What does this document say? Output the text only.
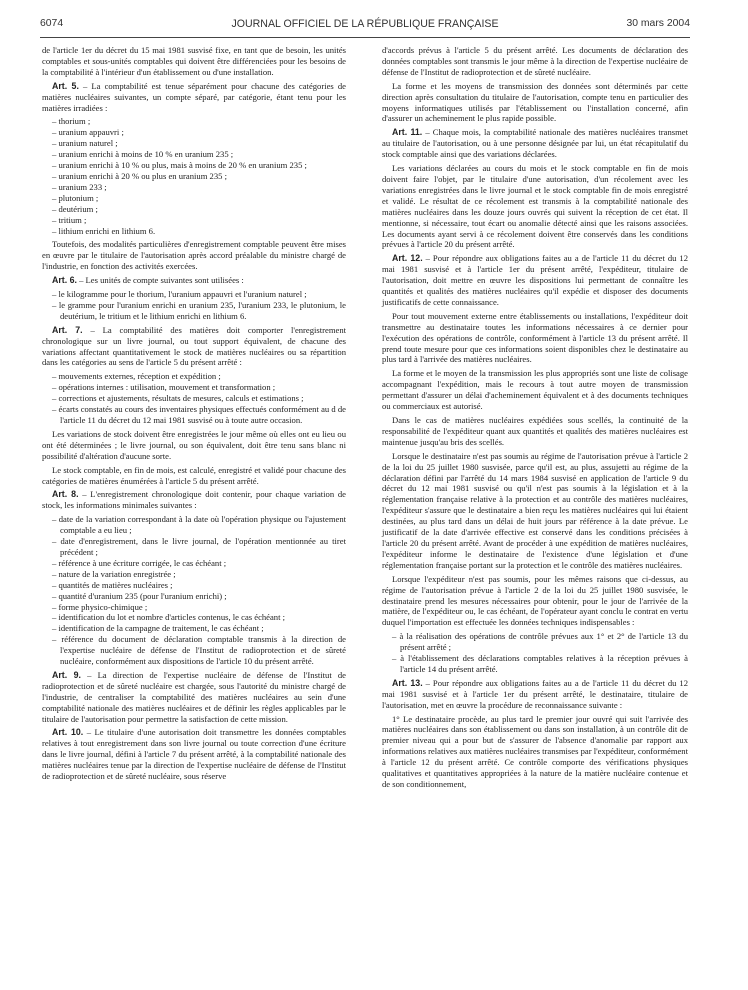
6074	JOURNAL OFFICIEL DE LA RÉPUBLIQUE FRANÇAISE	30 mars 2004

de l'article 1er du décret du 15 mai 1981 susvisé fixe, en tant que de besoin, les unités comptables et sous-unités comptables qui doivent être différenciées pour les besoins de la comptabilité à l'intérieur d'un établissement ou d'une installation.

Art. 5. – La comptabilité est tenue séparément pour chacune des catégories de matières nucléaires suivantes, un compte séparé, par catégorie, étant tenu pour les matières irradiées :

– thorium ;
– uranium appauvri ;
– uranium naturel ;
– uranium enrichi à moins de 10 % en uranium 235 ;
– uranium enrichi à 10 % ou plus, mais à moins de 20 % en uranium 235 ;
– uranium enrichi à 20 % ou plus en uranium 235 ;
– uranium 233 ;
– plutonium ;
– deutérium ;
– tritium ;
– lithium enrichi en lithium 6.

Toutefois, des modalités particulières d'enregistrement comptable peuvent être mises en œuvre par le titulaire de l'autorisation après accord préalable du ministre chargé de l'industrie, en fonction des activités exercées.

Art. 6. – Les unités de compte suivantes sont utilisées :

– le kilogramme pour le thorium, l'uranium appauvri et l'uranium naturel ;
– le gramme pour l'uranium enrichi en uranium 235, l'uranium 233, le plutonium, le deutérium, le tritium et le lithium enrichi en lithium 6.

Art. 7. – La comptabilité des matières doit comporter l'enregistrement chronologique sur un livre journal, ou tout support équivalent, de chacune des variations affectant quantitativement le stock de matières nucléaires ou sa répartition dans les catégories au sens de l'article 5 du présent arrêté :

– mouvements externes, réception et expédition ;
– opérations internes : utilisation, mouvement et transformation ;
– corrections et ajustements, résultats de mesures, calculs et estimations ;
– écarts constatés au cours des inventaires physiques effectués conformément au d de l'article 11 du décret du 12 mai 1981 susvisé ou à toute autre occasion.

Les variations de stock doivent être enregistrées le jour même où elles ont eu lieu ou ont été déterminées ; le livre journal, ou son équivalent, doit être tenu sans blanc ni possibilité d'altération d'aucune sorte.

Le stock comptable, en fin de mois, est calculé, enregistré et validé pour chacune des catégories de matières énumérées à l'article 5 du présent arrêté.

Art. 8. – L'enregistrement chronologique doit contenir, pour chaque variation de stock, les informations minimales suivantes :

– date de la variation correspondant à la date où l'opération physique ou l'ajustement comptable a eu lieu ;
– date d'enregistrement, dans le livre journal, de l'opération mentionnée au tiret précédent ;
– référence à une écriture corrigée, le cas échéant ;
– nature de la variation enregistrée ;
– quantités de matières nucléaires ;
– quantité d'uranium 235 (pour l'uranium enrichi) ;
– forme physico-chimique ;
– identification du lot et nombre d'articles contenus, le cas échéant ;
– identification de la campagne de traitement, le cas échéant ;
– référence du document de déclaration comptable transmis à la direction de l'expertise nucléaire de défense de l'Institut de radioprotection et de sûreté nucléaire, conformément aux dispositions de l'article 10 du présent arrêté.

Art. 9. – La direction de l'expertise nucléaire de défense de l'Institut de radioprotection et de sûreté nucléaire est chargée, sous l'autorité du ministre chargé de l'industrie, de centraliser la comptabilité des matières nucléaires au sein d'une comptabilité nationale des matières nucléaires et de définir les règles applicables par le titulaire de l'autorisation pour permettre la satisfaction de cette mission.

Art. 10. – Le titulaire d'une autorisation doit transmettre les données comptables relatives à tout enregistrement dans son livre journal ou toute correction d'une écriture dans le livre journal, défini à l'article 7 du présent arrêté, à la comptabilité nationale des matières nucléaires tenue par la direction de l'expertise nucléaire de défense de l'Institut de radioprotection et de sûreté nucléaire, sous réserve

d'accords prévus à l'article 5 du présent arrêté. Les documents de déclaration des données comptables sont transmis le jour même à la direction de l'expertise nucléaire de défense de l'Institut de radioprotection et de sûreté nucléaire.

La forme et les moyens de transmission des données sont déterminés par cette direction après consultation du titulaire de l'autorisation, compte tenu en particulier des moyens informatiques utilisés par l'établissement ou l'installation concerné, afin d'assurer un acheminement le plus rapide possible.

Art. 11. – Chaque mois, la comptabilité nationale des matières nucléaires transmet au titulaire de l'autorisation, ou à une personne désignée par lui, un état récapitulatif du stock comptable ainsi que des variations déclarées.

Les variations déclarées au cours du mois et le stock comptable en fin de mois doivent faire l'objet, par le titulaire d'une autorisation, d'un récolement avec les variations enregistrées dans le livre journal et le stock comptable fin de mois enregistré et validé. Le résultat de ce récolement est transmis à la comptabilité nationale des matières nucléaires dans les douze jours ouvrés qui suivent la réception de cet état. Il mentionne, si nécessaire, tout écart ou anomalie détecté ainsi que les raisons associées. Les documents ayant servi à ce récolement doivent être conservés dans les conditions prévues à l'article 20 du présent arrêté.

Art. 12. – Pour répondre aux obligations faites au a de l'article 11 du décret du 12 mai 1981 susvisé et à l'article 1er du présent arrêté, l'expéditeur, titulaire de l'autorisation, doit mettre en œuvre les dispositions lui permettant de connaître les quantités et qualités des matières nucléaires qu'il expédie et disposer des documents justificatifs de cette connaissance.

Pour tout mouvement externe entre établissements ou installations, l'expéditeur doit transmettre au destinataire toutes les informations nécessaires à ce dernier pour l'exécution des opérations de contrôle, conformément à l'article 13 du présent arrêté. Il prend toute mesure pour que ces informations soient disponibles chez le destinataire au plus tard à l'arrivée des matières nucléaires.

La forme et le moyen de la transmission les plus appropriés sont une liste de colisage accompagnant l'expédition, mais le recours à tout autre moyen de transmission permettant d'assurer un délai d'acheminement équivalent et à des documents techniques ou commerciaux est autorisé.

Dans le cas de matières nucléaires expédiées sous scellés, la continuité de la responsabilité de l'expéditeur quant aux quantités et qualités des matières nucléaires est maintenue jusqu'au bris des scellés.

Lorsque le destinataire n'est pas soumis au régime de l'autorisation prévue à l'article 2 de la loi du 25 juillet 1980 susvisée, parce qu'il est, au plus, assujetti au régime de la déclaration défini par l'arrêté du 14 mars 1984 susvisé en application de l'article 9 du décret du 12 mai 1981 susvisé ou qu'il n'est pas soumis à la législation et à la réglementation française relative à la protection et au contrôle des matières nucléaires, l'expéditeur s'assure que le destinataire a bien reçu les matières nucléaires qui lui étaient destinées, au plus tard dans un délai de huit jours par référence à la date prévue. Le justificatif de la date d'arrivée effective est conservé dans les conditions précisées à l'article 20 du présent arrêté. Avant de procéder à une expédition de matières nucléaires, l'expéditeur informe le destinataire de l'existence d'une législation et d'une réglementation française portant sur la protection et le contrôle des matières nucléaires.

Lorsque l'expéditeur n'est pas soumis, pour les mêmes raisons que ci-dessus, au régime de l'autorisation prévue à l'article 2 de la loi du 25 juillet 1980 susvisée, le destinataire prend les mesures nécessaires pour obtenir, pour le jour de l'arrivée de la matière, de l'expéditeur ou, le cas échéant, de l'opérateur ayant conclu le contrat en vertu duquel l'importation est effectuée les données techniques indispensables :

– à la réalisation des opérations de contrôle prévues aux 1° et 2° de l'article 13 du présent arrêté ;
– à l'établissement des déclarations comptables relatives à la réception prévues à l'article 14 du présent arrêté.

Art. 13. – Pour répondre aux obligations faites au a de l'article 11 du décret du 12 mai 1981 susvisé et à l'article 1er du présent arrêté, le destinataire, titulaire de l'autorisation, met en œuvre la procédure de reconnaissance suivante :

1° Le destinataire procède, au plus tard le premier jour ouvré qui suit l'arrivée des matières nucléaires dans son établissement ou dans son installation, à un contrôle dit de premier niveau qui a pour but de s'assurer de l'absence d'anomalie par rapport aux informations relatives aux matières nucléaires transmises par l'expéditeur, conformément à l'article 12 du présent arrêté. Ce contrôle comporte des vérifications physiques qualitatives et quantitatives appropriées à la nature de la matière nucléaire contenue et de son conditionnement,
